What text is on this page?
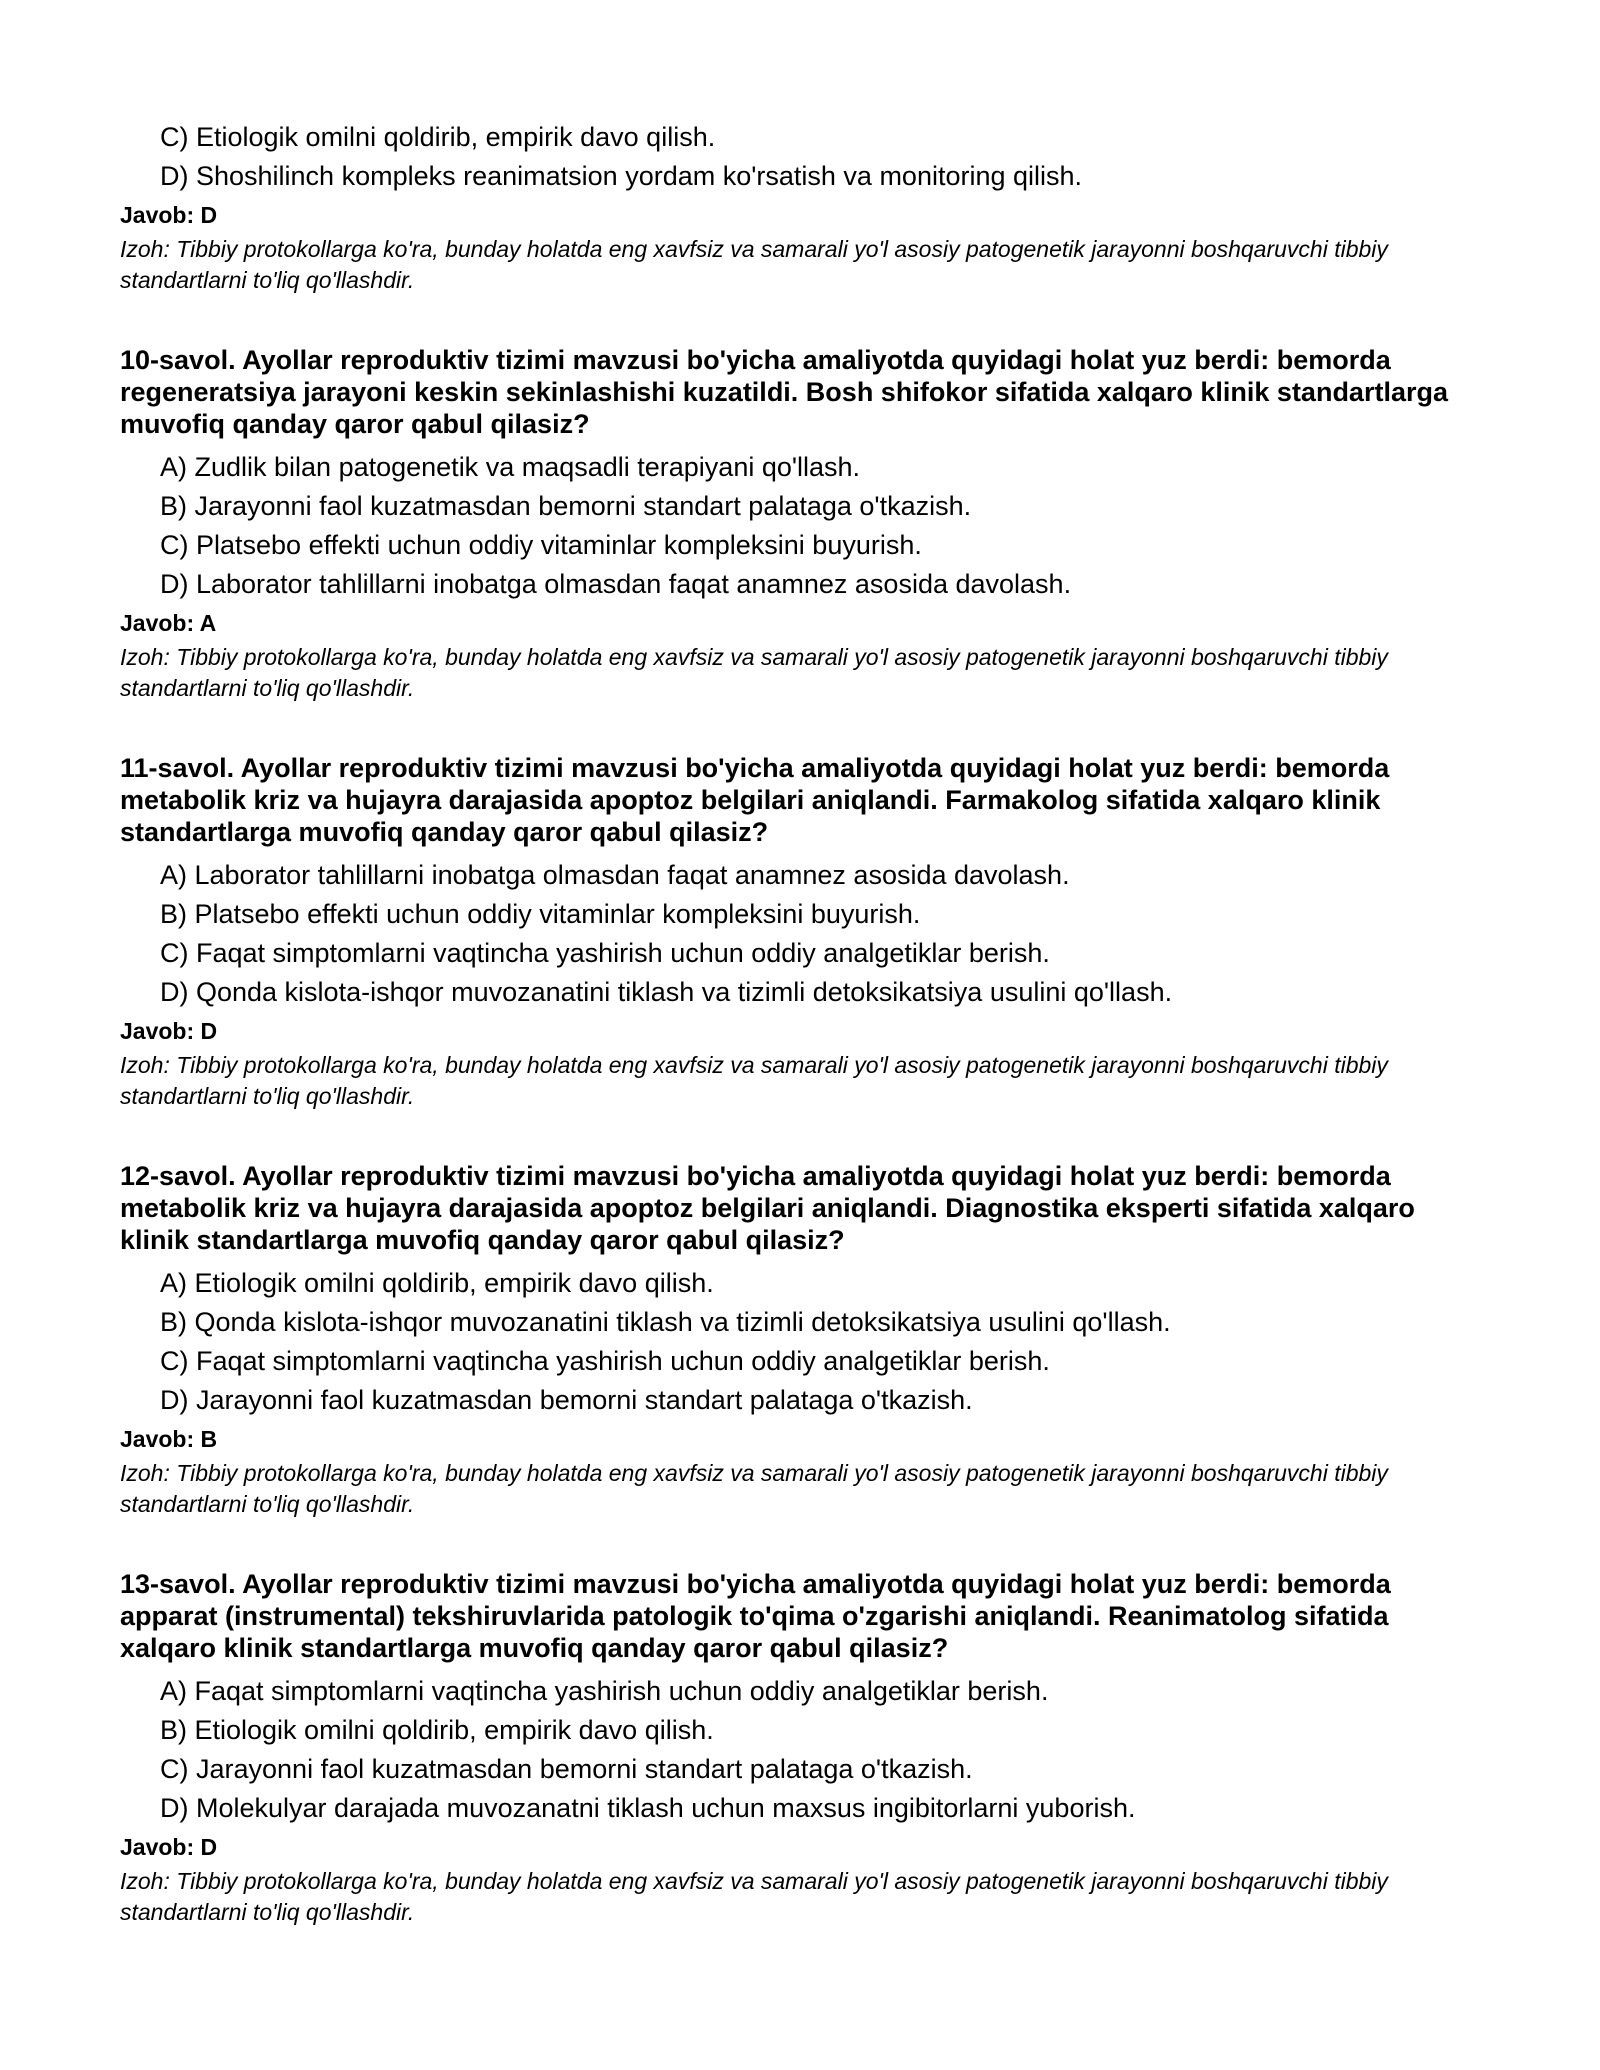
C) Etiologik omilni qoldirib, empirik davo qilish.
D) Shoshilinch kompleks reanimatsion yordam ko'rsatish va monitoring qilish.
Javob: D
Izoh: Tibbiy protokollarga ko'ra, bunday holatda eng xavfsiz va samarali yo'l asosiy patogenetik jarayonni boshqaruvchi tibbiy standartlarni to'liq qo'llashdir.
10-savol. Ayollar reproduktiv tizimi mavzusi bo'yicha amaliyotda quyidagi holat yuz berdi: bemorda regeneratsiya jarayoni keskin sekinlashishi kuzatildi. Bosh shifokor sifatida xalqaro klinik standartlarga muvofiq qanday qaror qabul qilasiz?
A) Zudlik bilan patogenetik va maqsadli terapiyani qo'llash.
B) Jarayonni faol kuzatmasdan bemorni standart palataga o'tkazish.
C) Platsebo effekti uchun oddiy vitaminlar kompleksini buyurish.
D) Laborator tahlillarni inobatga olmasdan faqat anamnez asosida davolash.
Javob: A
Izoh: Tibbiy protokollarga ko'ra, bunday holatda eng xavfsiz va samarali yo'l asosiy patogenetik jarayonni boshqaruvchi tibbiy standartlarni to'liq qo'llashdir.
11-savol. Ayollar reproduktiv tizimi mavzusi bo'yicha amaliyotda quyidagi holat yuz berdi: bemorda metabolik kriz va hujayra darajasida apoptoz belgilari aniqlandi. Farmakolog sifatida xalqaro klinik standartlarga muvofiq qanday qaror qabul qilasiz?
A) Laborator tahlillarni inobatga olmasdan faqat anamnez asosida davolash.
B) Platsebo effekti uchun oddiy vitaminlar kompleksini buyurish.
C) Faqat simptomlarni vaqtincha yashirish uchun oddiy analgetiklar berish.
D) Qonda kislota-ishqor muvozanatini tiklash va tizimli detoksikatsiya usulini qo'llash.
Javob: D
Izoh: Tibbiy protokollarga ko'ra, bunday holatda eng xavfsiz va samarali yo'l asosiy patogenetik jarayonni boshqaruvchi tibbiy standartlarni to'liq qo'llashdir.
12-savol. Ayollar reproduktiv tizimi mavzusi bo'yicha amaliyotda quyidagi holat yuz berdi: bemorda metabolik kriz va hujayra darajasida apoptoz belgilari aniqlandi. Diagnostika eksperti sifatida xalqaro klinik standartlarga muvofiq qanday qaror qabul qilasiz?
A) Etiologik omilni qoldirib, empirik davo qilish.
B) Qonda kislota-ishqor muvozanatini tiklash va tizimli detoksikatsiya usulini qo'llash.
C) Faqat simptomlarni vaqtincha yashirish uchun oddiy analgetiklar berish.
D) Jarayonni faol kuzatmasdan bemorni standart palataga o'tkazish.
Javob: B
Izoh: Tibbiy protokollarga ko'ra, bunday holatda eng xavfsiz va samarali yo'l asosiy patogenetik jarayonni boshqaruvchi tibbiy standartlarni to'liq qo'llashdir.
13-savol. Ayollar reproduktiv tizimi mavzusi bo'yicha amaliyotda quyidagi holat yuz berdi: bemorda apparat (instrumental) tekshiruvlarida patologik to'qima o'zgarishi aniqlandi. Reanimatolog sifatida xalqaro klinik standartlarga muvofiq qanday qaror qabul qilasiz?
A) Faqat simptomlarni vaqtincha yashirish uchun oddiy analgetiklar berish.
B) Etiologik omilni qoldirib, empirik davo qilish.
C) Jarayonni faol kuzatmasdan bemorni standart palataga o'tkazish.
D) Molekulyar darajada muvozanatni tiklash uchun maxsus ingibitorlarni yuborish.
Javob: D
Izoh: Tibbiy protokollarga ko'ra, bunday holatda eng xavfsiz va samarali yo'l asosiy patogenetik jarayonni boshqaruvchi tibbiy standartlarni to'liq qo'llashdir.
